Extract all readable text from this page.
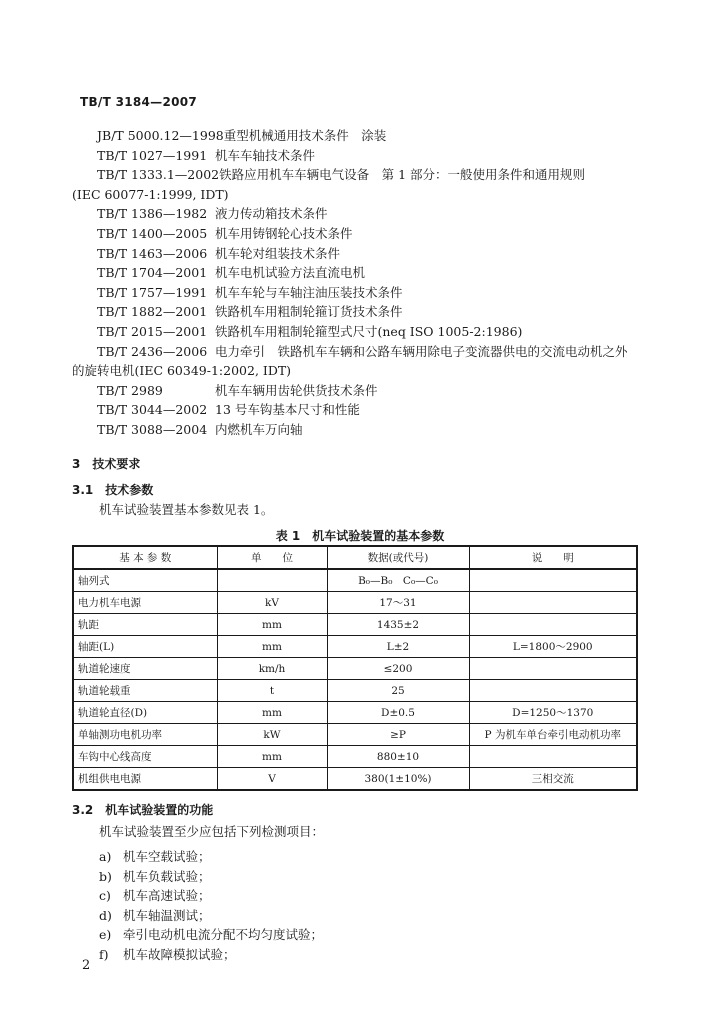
TB/T 3184—2007
JB/T 5000.12—1998重型机械通用技术条件　涂装
TB/T 1027—1991 机车车轴技术条件
TB/T 1333.1—2002铁路应用机车车辆电气设备　第 1 部分：一般使用条件和通用规则
(IEC 60077-1:1999, IDT)
TB/T 1386—1982 液力传动箱技术条件
TB/T 1400—2005 机车用铸钢轮心技术条件
TB/T 1463—2006 机车轮对组装技术条件
TB/T 1704—2001 机车电机试验方法直流电机
TB/T 1757—1991 机车车轮与车轴注油压装技术条件
TB/T 1882—2001 铁路机车用粗制轮箍订货技术条件
TB/T 2015—2001 铁路机车用粗制轮箍型式尺寸(neq ISO 1005-2:1986)
TB/T 2436—2006 电力牵引　铁路机车车辆和公路车辆用除电子变流器供电的交流电动机之外
的旋转电机(IEC 60349-1:2002, IDT)
TB/T 2989	机车车辆用齿轮供货技术条件
TB/T 3044—2002 13 号车钩基本尺寸和性能
TB/T 3088—2004 内燃机车万向轴
3　技术要求
3.1　技术参数
机车试验装置基本参数见表 1。
表 1　机车试验装置的基本参数
基 本 参 数	单　　位	数据(或代号)	说　　明
轴列式		B₀—B₀　C₀—C₀	
电力机车电源	kV	17～31	
轨距	mm	1435±2	
轴距(L)	mm	L±2	L=1800～2900
轨道轮速度	km/h	≤200	
轨道轮载重	t	25	
轨道轮直径(D)	mm	D±0.5	D=1250～1370
单轴测功电机功率	kW	≥P	P 为机车单台牵引电动机功率
车钩中心线高度	mm	880±10	
机组供电电源	V	380(1±10%)	三相交流
3.2　机车试验装置的功能
机车试验装置至少应包括下列检测项目：
a) 机车空载试验；
b) 机车负载试验；
c) 机车高速试验；
d) 机车轴温测试；
e) 牵引电动机电流分配不均匀度试验；
f) 机车故障模拟试验；
2
